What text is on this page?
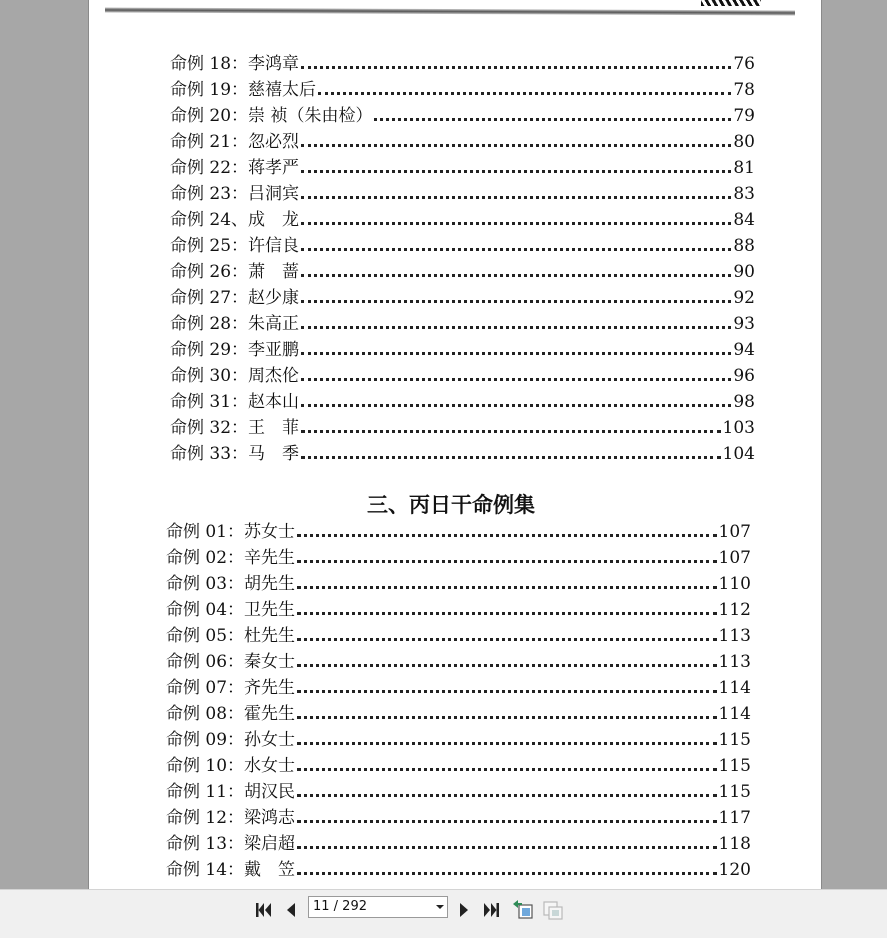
命例 18：李鸿章	76
命例 19：慈禧太后	78
命例 20：崇 祯（朱由检）	79
命例 21：忽必烈	80
命例 22：蒋孝严	81
命例 23：吕洞宾	83
命例 24、成　龙	84
命例 25：许信良	88
命例 26：萧　蔷	90
命例 27：赵少康	92
命例 28：朱高正	93
命例 29：李亚鹏	94
命例 30：周杰伦	96
命例 31：赵本山	98
命例 32：王　菲	103
命例 33：马　季	104
三、丙日干命例集
命例 01：苏女士	107
命例 02：辛先生	107
命例 03：胡先生	110
命例 04：卫先生	112
命例 05：杜先生	113
命例 06：秦女士	113
命例 07：齐先生	114
命例 08：霍先生	114
命例 09：孙女士	115
命例 10：水女士	115
命例 11：胡汉民	115
命例 12：梁鸿志	117
命例 13：梁启超	118
命例 14：戴　笠	120
11 / 292
